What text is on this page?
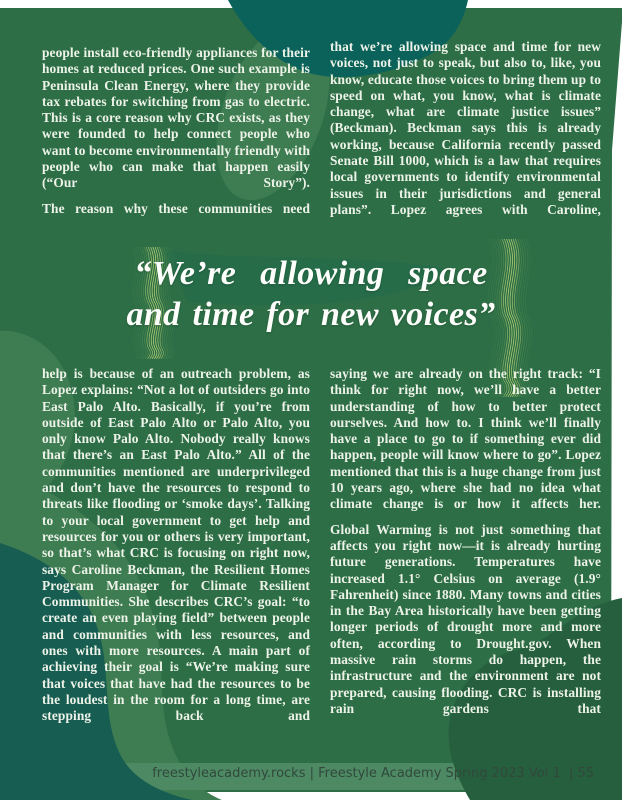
people install eco-friendly appliances for their homes at reduced prices. One such example is Peninsula Clean Energy, where they provide tax rebates for switching from gas to electric. This is a core reason why CRC exists, as they were founded to help connect people who want to become environmentally friendly with people who can make that happen easily (“Our Story”).

The reason why these communities need

that we’re allowing space and time for new voices, not just to speak, but also to, like, you know, educate those voices to bring them up to speed on what, you know, what is climate change, what are climate justice issues” (Beckman). Beckman says this is already working, because California recently passed Senate Bill 1000, which is a law that requires local governments to identify environmental issues in their jurisdictions and general plans”. Lopez agrees with Caroline,

“We’re allowing space
and time for new voices”

help is because of an outreach problem, as Lopez explains: “Not a lot of outsiders go into East Palo Alto. Basically, if you’re from outside of East Palo Alto or Palo Alto, you only know Palo Alto. Nobody really knows that there’s an East Palo Alto.” All of the communities mentioned are underprivileged and don’t have the resources to respond to threats like flooding or ‘smoke days’. Talking to your local government to get help and resources for you or others is very important, so that’s what CRC is focusing on right now, says Caroline Beckman, the Resilient Homes Program Manager for Climate Resilient Communities. She describes CRC’s goal: “to create an even playing field” between people and communities with less resources, and ones with more resources. A main part of achieving their goal is “We’re making sure that voices that have had the resources to be the loudest in the room for a long time, are stepping back and

saying we are already on the right track: “I think for right now, we’ll have a better understanding of how to better protect ourselves. And how to. I think we’ll finally have a place to go to if something ever did happen, people will know where to go”. Lopez mentioned that this is a huge change from just 10 years ago, where she had no idea what climate change is or how it affects her.

Global Warming is not just something that affects you right now—it is already hurting future generations. Temperatures have increased 1.1° Celsius on average (1.9° Fahrenheit) since 1880. Many towns and cities in the Bay Area historically have been getting longer periods of drought more and more often, according to Drought.gov. When massive rain storms do happen, the infrastructure and the environment are not prepared, causing flooding. CRC is installing rain gardens that

freestyleacademy.rocks | Freestyle Academy Spring 2023 Vol 1  | 55
